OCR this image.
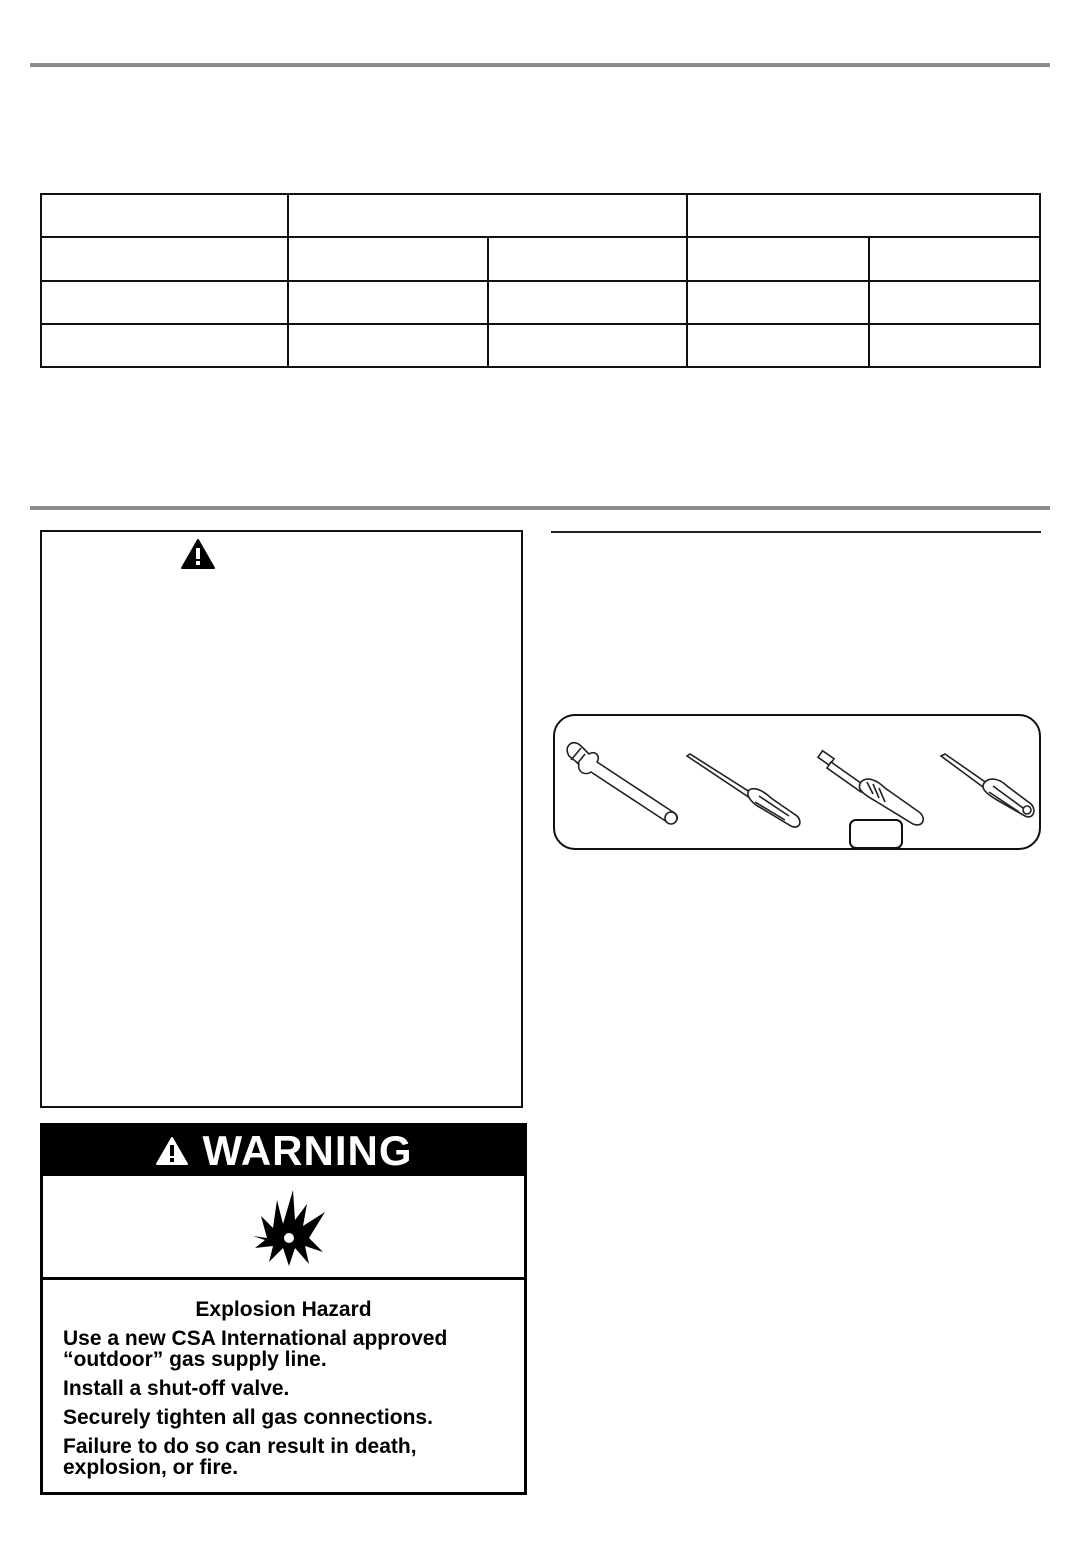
WARNING
Explosion Hazard
Use a new CSA International approved “outdoor” gas supply line.
Install a shut-off valve.
Securely tighten all gas connections.
Failure to do so can result in death, explosion, or fire.
